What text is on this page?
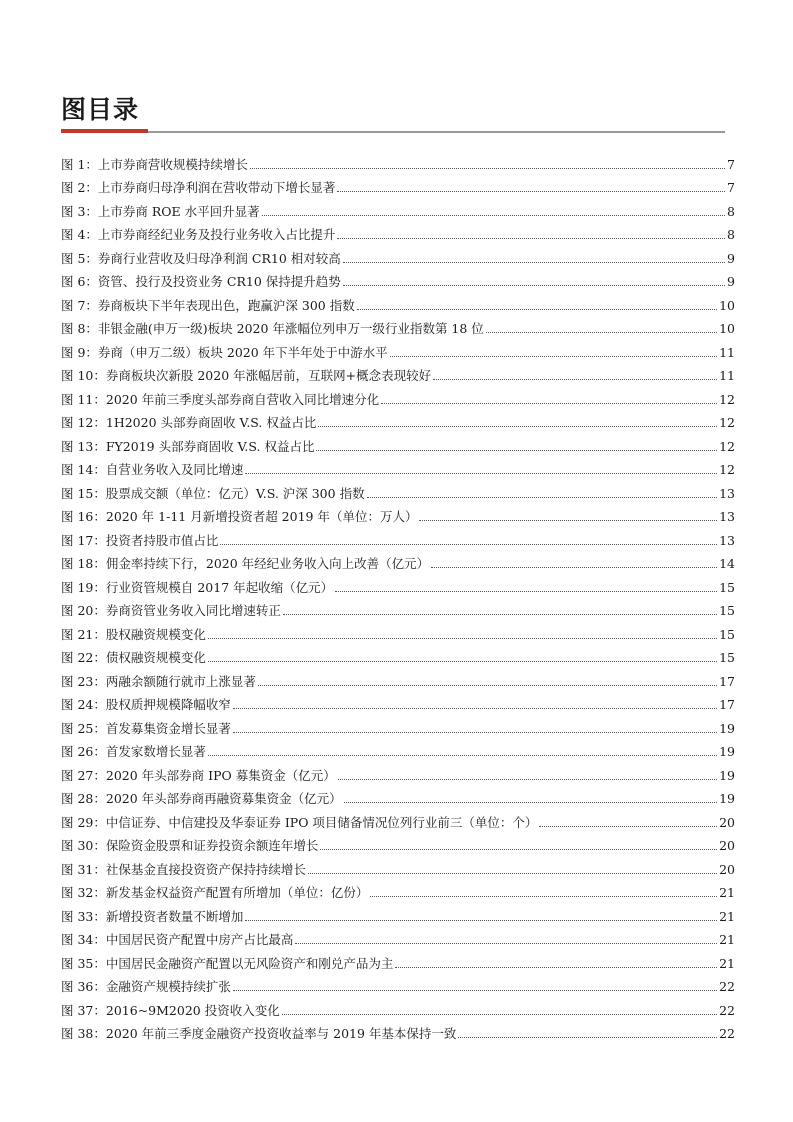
图目录
图 1：上市券商营收规模持续增长	7
图 2：上市券商归母净利润在营收带动下增长显著	7
图 3：上市券商 ROE 水平回升显著	8
图 4：上市券商经纪业务及投行业务收入占比提升	8
图 5：券商行业营收及归母净利润 CR10 相对较高	9
图 6：资管、投行及投资业务 CR10 保持提升趋势	9
图 7：券商板块下半年表现出色，跑赢沪深 300 指数	10
图 8：非银金融(申万一级)板块 2020 年涨幅位列申万一级行业指数第 18 位	10
图 9：券商（申万二级）板块 2020 年下半年处于中游水平	11
图 10：券商板块次新股 2020 年涨幅居前，互联网+概念表现较好	11
图 11：2020 年前三季度头部券商自营收入同比增速分化	12
图 12：1H2020 头部券商固收 V.S. 权益占比	12
图 13：FY2019 头部券商固收 V.S. 权益占比	12
图 14：自营业务收入及同比增速	12
图 15：股票成交额（单位：亿元）V.S. 沪深 300 指数	13
图 16：2020 年 1-11 月新增投资者超 2019 年（单位：万人）	13
图 17：投资者持股市值占比	13
图 18：佣金率持续下行，2020 年经纪业务收入向上改善（亿元）	14
图 19：行业资管规模自 2017 年起收缩（亿元）	15
图 20：券商资管业务收入同比增速转正	15
图 21：股权融资规模变化	15
图 22：债权融资规模变化	15
图 23：两融余额随行就市上涨显著	17
图 24：股权质押规模降幅收窄	17
图 25：首发募集资金增长显著	19
图 26：首发家数增长显著	19
图 27：2020 年头部券商 IPO 募集资金（亿元）	19
图 28：2020 年头部券商再融资募集资金（亿元）	19
图 29：中信证券、中信建投及华泰证券 IPO 项目储备情况位列行业前三（单位：个）	20
图 30：保险资金股票和证券投资余额连年增长	20
图 31：社保基金直接投资资产保持持续增长	20
图 32：新发基金权益资产配置有所增加（单位：亿份）	21
图 33：新增投资者数量不断增加	21
图 34：中国居民资产配置中房产占比最高	21
图 35：中国居民金融资产配置以无风险资产和刚兑产品为主	21
图 36：金融资产规模持续扩张	22
图 37：2016~9M2020 投资收入变化	22
图 38：2020 年前三季度金融资产投资收益率与 2019 年基本保持一致	22
